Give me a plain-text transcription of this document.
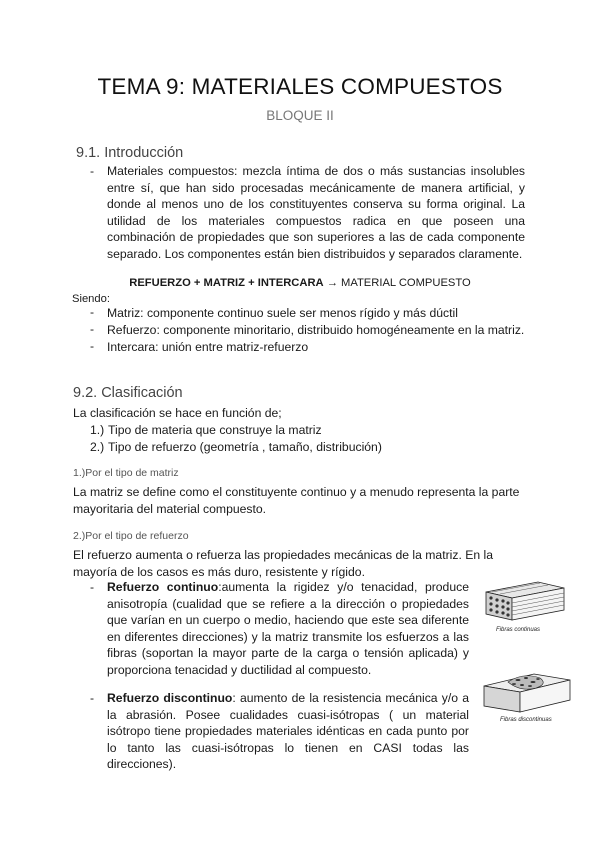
TEMA 9: MATERIALES COMPUESTOS
BLOQUE II
9.1. Introducción
- Materiales compuestos: mezcla íntima de dos o más sustancias insolubles entre sí, que han sido procesadas mecánicamente de manera artificial, y donde al menos uno de los constituyentes conserva su forma original. La utilidad de los materiales compuestos radica en que poseen una combinación de propiedades que son superiores a las de cada componente separado. Los componentes están bien distribuidos y separados claramente.
REFUERZO + MATRIZ + INTERCARA → MATERIAL COMPUESTO
Siendo:
- Matriz: componente continuo suele ser menos rígido y más dúctil
- Refuerzo: componente minoritario, distribuido homogéneamente en la matriz.
- Intercara: unión entre matriz-refuerzo
9.2. Clasificación
La clasificación se hace en función de;
1.) Tipo de materia que construye la matriz
2.) Tipo de refuerzo (geometría , tamaño, distribución)
1.)Por el tipo de matriz
La matriz se define como el constituyente continuo y a menudo representa la parte mayoritaria del material compuesto.
2.)Por el tipo de refuerzo
El refuerzo aumenta o refuerza las propiedades mecánicas de la matriz. En la mayoría de los casos es más duro, resistente y rígido.
- Refuerzo continuo:aumenta la rigidez y/o tenacidad, produce anisotropía (cualidad que se refiere a la dirección o propiedades que varían en un cuerpo o medio, haciendo que este sea diferente en diferentes direcciones) y la matriz transmite los esfuerzos a las fibras (soportan la mayor parte de la carga o tensión aplicada) y proporciona tenacidad y ductilidad al compuesto.
- Refuerzo discontinuo: aumento de la resistencia mecánica y/o a la abrasión. Posee cualidades cuasi-isótropas ( un material isótropo tiene propiedades materiales idénticas en cada punto por lo tanto las cuasi-isótropas lo tienen en CASI todas las direcciones).
Fibras continuas
Fibras discontinuas
